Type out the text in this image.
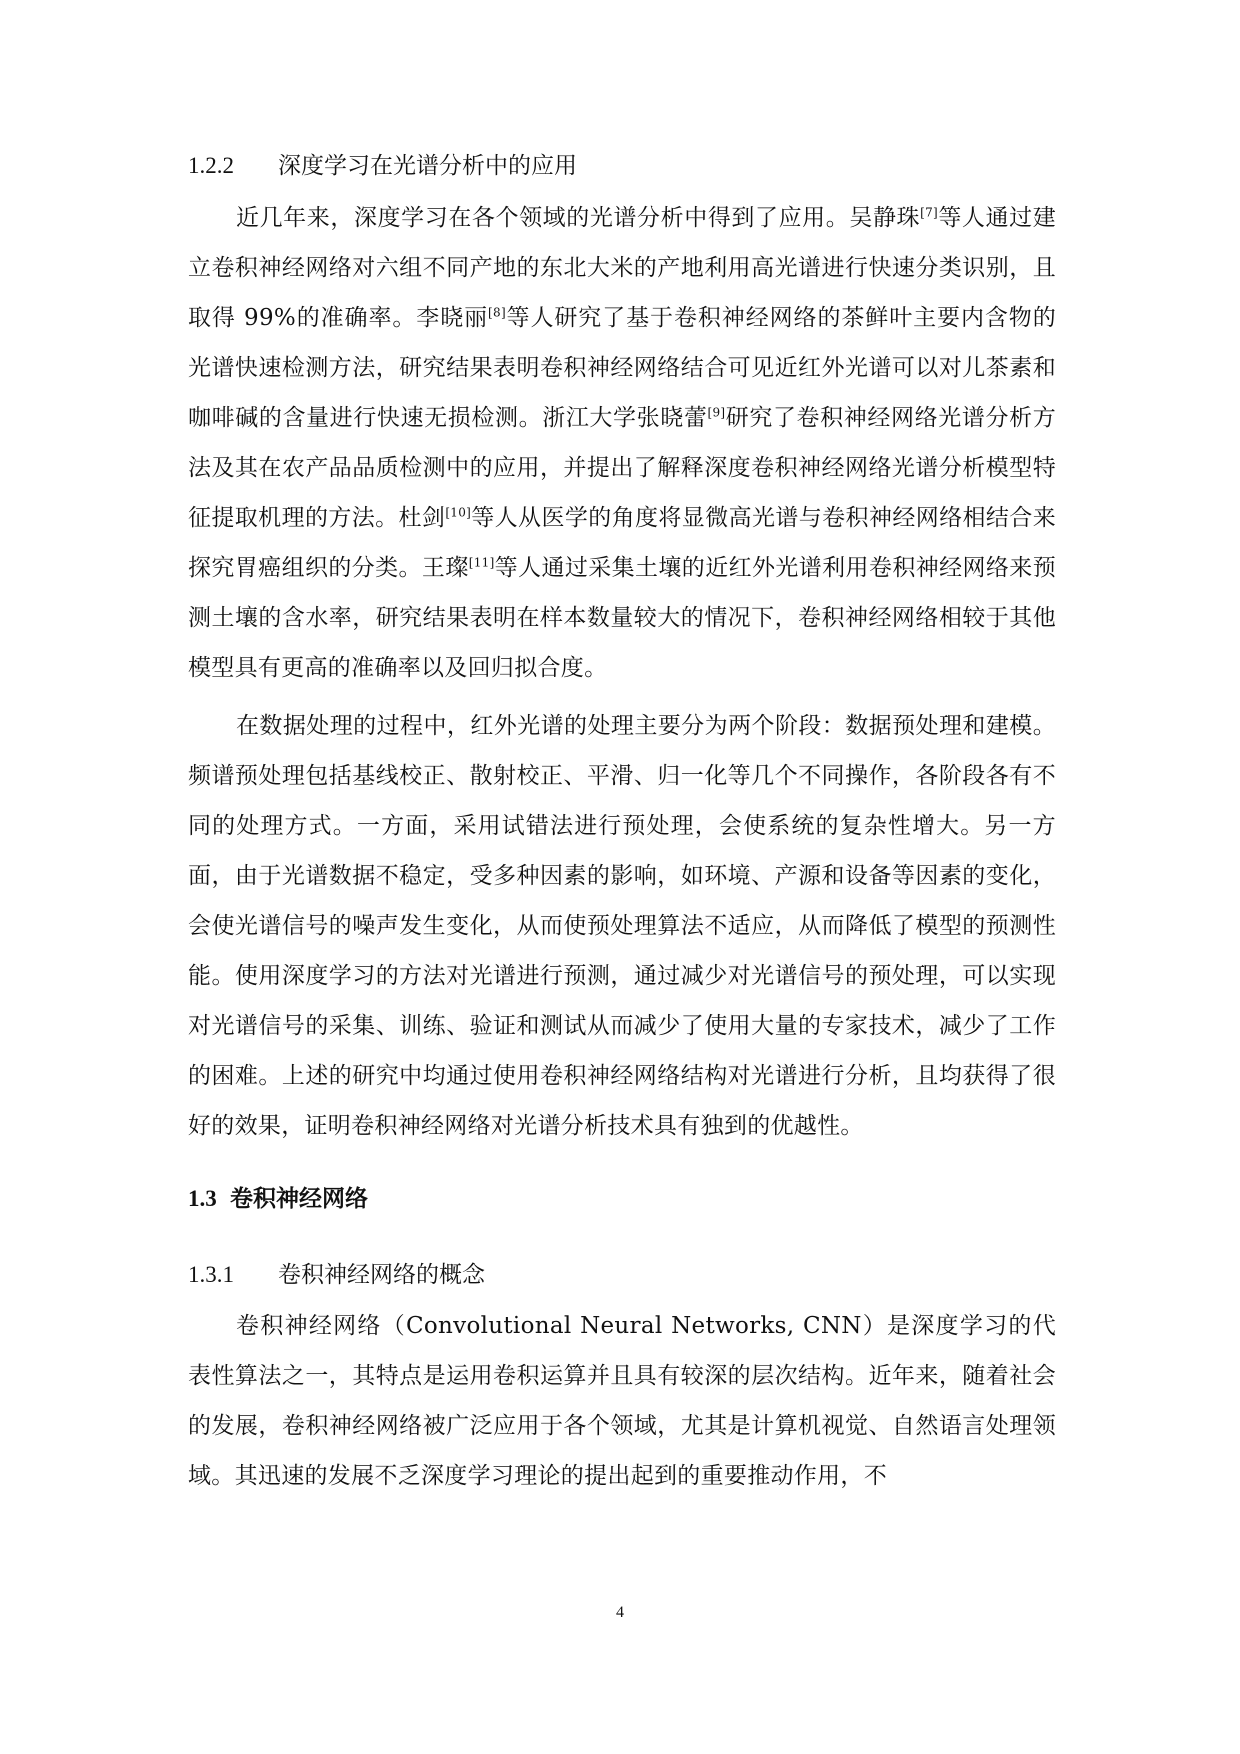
1.2.2	深度学习在光谱分析中的应用

近几年来，深度学习在各个领域的光谱分析中得到了应用。吴静珠[7]等人通过建立卷积神经网络对六组不同产地的东北大米的产地利用高光谱进行快速分类识别，且取得 99%的准确率。李晓丽[8]等人研究了基于卷积神经网络的茶鲜叶主要内含物的光谱快速检测方法，研究结果表明卷积神经网络结合可见近红外光谱可以对儿茶素和咖啡碱的含量进行快速无损检测。浙江大学张晓蕾[9]研究了卷积神经网络光谱分析方法及其在农产品品质检测中的应用，并提出了解释深度卷积神经网络光谱分析模型特征提取机理的方法。杜剑[10]等人从医学的角度将显微高光谱与卷积神经网络相结合来探究胃癌组织的分类。王璨[11]等人通过采集土壤的近红外光谱利用卷积神经网络来预测土壤的含水率，研究结果表明在样本数量较大的情况下，卷积神经网络相较于其他模型具有更高的准确率以及回归拟合度。

在数据处理的过程中，红外光谱的处理主要分为两个阶段：数据预处理和建模。频谱预处理包括基线校正、散射校正、平滑、归一化等几个不同操作，各阶段各有不同的处理方式。一方面，采用试错法进行预处理，会使系统的复杂性增大。另一方面，由于光谱数据不稳定，受多种因素的影响，如环境、产源和设备等因素的变化，会使光谱信号的噪声发生变化，从而使预处理算法不适应，从而降低了模型的预测性能。使用深度学习的方法对光谱进行预测，通过减少对光谱信号的预处理，可以实现对光谱信号的采集、训练、验证和测试从而减少了使用大量的专家技术，减少了工作的困难。上述的研究中均通过使用卷积神经网络结构对光谱进行分析，且均获得了很好的效果，证明卷积神经网络对光谱分析技术具有独到的优越性。

1.3 卷积神经网络
1.3.1	卷积神经网络的概念

卷积神经网络（Convolutional Neural Networks, CNN）是深度学习的代表性算法之一，其特点是运用卷积运算并且具有较深的层次结构。近年来，随着社会的发展，卷积神经网络被广泛应用于各个领域，尤其是计算机视觉、自然语言处理领域。其迅速的发展不乏深度学习理论的提出起到的重要推动作用，不

4
